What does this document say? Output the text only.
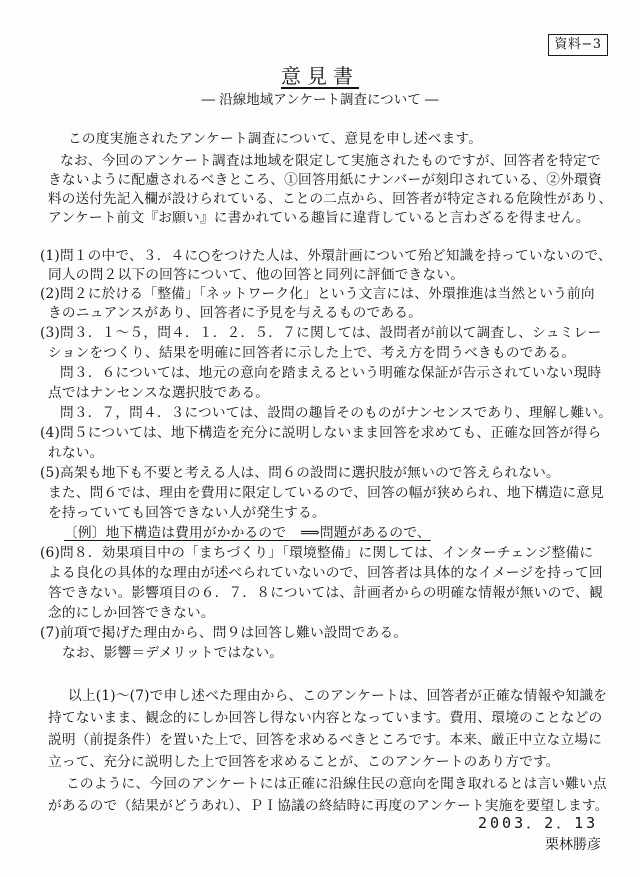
資料−3
意見書
― 沿線地域アンケート調査について ―
この度実施されたアンケート調査について、意見を申し述べます。
なお、今回のアンケート調査は地域を限定して実施されたものですが、回答者を特定で
きないように配慮されるべきところ、①回答用紙にナンバーが刻印されている、②外環資
料の送付先記入欄が設けられている、ことの二点から、回答者が特定される危険性があり、
アンケート前文『お願い』に書かれている趣旨に違背していると言わざるを得ません。
(1)問１の中で、３．４に○をつけた人は、外環計画について殆ど知識を持っていないので、
同人の問２以下の回答について、他の回答と同列に評価できない。
(2)問２に於ける「整備」「ネットワーク化」という文言には、外環推進は当然という前向
きのニュアンスがあり、回答者に予見を与えるものである。
(3)問３．１〜５，問４．１．２．５．７に関しては、設問者が前以て調査し、シュミレー
ションをつくり、結果を明確に回答者に示した上で、考え方を問うべきものである。
問３．６については、地元の意向を踏まえるという明確な保証が告示されていない現時
点ではナンセンスな選択肢である。
問３．７，問４．３については、設問の趣旨そのものがナンセンスであり、理解し難い。
(4)問５については、地下構造を充分に説明しないまま回答を求めても、正確な回答が得ら
れない。
(5)高架も地下も不要と考える人は、問６の設問に選択肢が無いので答えられない。
また、問６では、理由を費用に限定しているので、回答の幅が狭められ、地下構造に意見
を持っていても回答できない人が発生する。
〔例〕地下構造は費用がかかるので　⟹問題があるので、
(6)問８．効果項目中の「まちづくり」「環境整備」に関しては、インターチェンジ整備に
よる良化の具体的な理由が述べられていないので、回答者は具体的なイメージを持って回
答できない。影響項目の６．７．８については、計画者からの明確な情報が無いので、観
念的にしか回答できない。
(7)前項で掲げた理由から、問９は回答し難い設問である。
なお、影響＝デメリットではない。
以上(1)〜(7)で申し述べた理由から、このアンケートは、回答者が正確な情報や知識を
持てないまま、観念的にしか回答し得ない内容となっています。費用、環境のことなどの
説明（前提条件）を置いた上で、回答を求めるべきところです。本来、厳正中立な立場に
立って、充分に説明した上で回答を求めることが、このアンケートのあり方です。
このように、今回のアンケートには正確に沿線住民の意向を聞き取れるとは言い難い点
があるので（結果がどうあれ）、ＰＩ協議の終結時に再度のアンケート実施を要望します。
2003．2．13
栗林勝彦
